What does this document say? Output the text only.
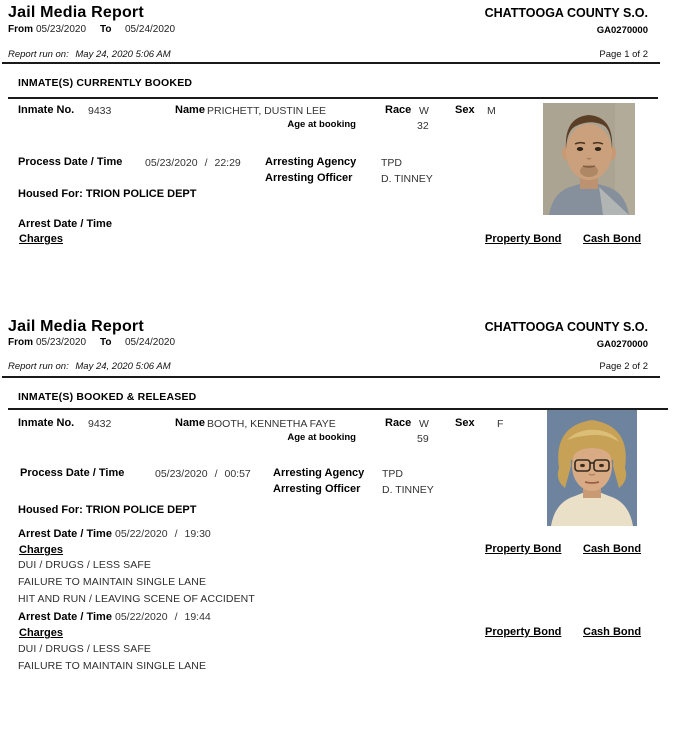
Jail Media Report	CHATTOOGA COUNTY S.O.
From 05/23/2020 To 05/24/2020	GA0270000
Report run on: May 24, 2020 5:06 AM	Page 1 of 2
INMATE(S) CURRENTLY BOOKED
Inmate No. 9433	Name PRICHETT, DUSTIN LEE	Race W Sex M
Age at booking	32
Process Date / Time 05/23/2020 / 22:29 Arresting Agency TPD
Arresting Officer	D. TINNEY
Housed For: TRION POLICE DEPT
Arrest Date / Time
Charges	Property Bond Cash Bond
Jail Media Report	CHATTOOGA COUNTY S.O.
From 05/23/2020 To 05/24/2020	GA0270000
Report run on: May 24, 2020 5:06 AM	Page 2 of 2
INMATE(S) BOOKED & RELEASED
Inmate No. 9432	Name BOOTH, KENNETHA FAYE	Race W Sex F
Age at booking	59
Process Date / Time	05/23/2020 / 00:57 Arresting Agency TPD
Arresting Officer D. TINNEY
Housed For: TRION POLICE DEPT
Arrest Date / Time 05/22/2020 / 19:30
Charges	Property Bond Cash Bond
DUI / DRUGS / LESS SAFE
FAILURE TO MAINTAIN SINGLE LANE
HIT AND RUN / LEAVING SCENE OF ACCIDENT
Arrest Date / Time 05/22/2020 / 19:44
Charges	Property Bond Cash Bond
DUI / DRUGS / LESS SAFE
FAILURE TO MAINTAIN SINGLE LANE
